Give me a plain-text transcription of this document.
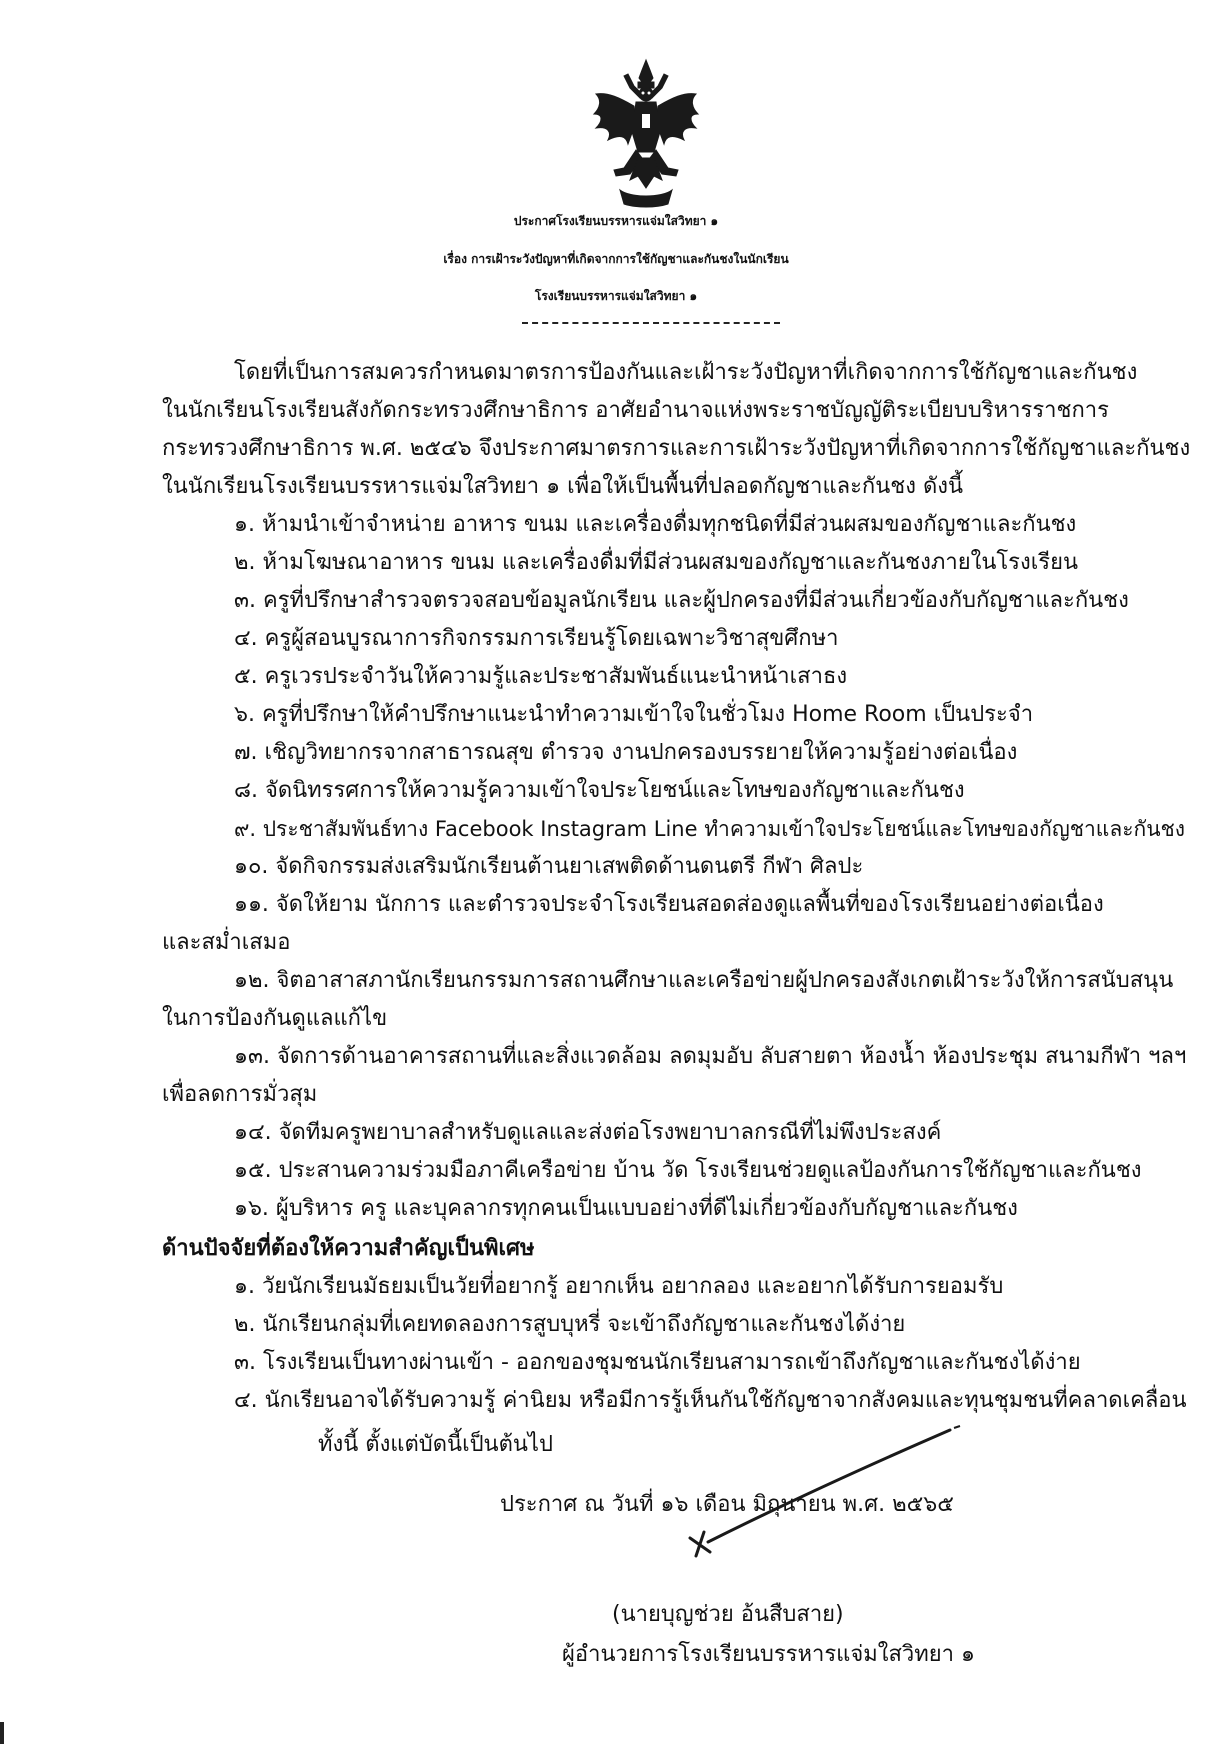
ประกาศโรงเรียนบรรหารแจ่มใสวิทยา ๑
เรื่อง การเฝ้าระวังปัญหาที่เกิดจากการใช้กัญชาและกันชงในนักเรียน
โรงเรียนบรรหารแจ่มใสวิทยา ๑
โดยที่เป็นการสมควรกำหนดมาตรการป้องกันและเฝ้าระวังปัญหาที่เกิดจากการใช้กัญชาและกันชง
ในนักเรียนโรงเรียนสังกัดกระทรวงศึกษาธิการ อาศัยอำนาจแห่งพระราชบัญญัติระเบียบบริหารราชการ
กระทรวงศึกษาธิการ พ.ศ. ๒๕๔๖ จึงประกาศมาตรการและการเฝ้าระวังปัญหาที่เกิดจากการใช้กัญชาและกันชง
ในนักเรียนโรงเรียนบรรหารแจ่มใสวิทยา ๑ เพื่อให้เป็นพื้นที่ปลอดกัญชาและกันชง ดังนี้
๑. ห้ามนำเข้าจำหน่าย อาหาร ขนม และเครื่องดื่มทุกชนิดที่มีส่วนผสมของกัญชาและกันชง
๒. ห้ามโฆษณาอาหาร ขนม และเครื่องดื่มที่มีส่วนผสมของกัญชาและกันชงภายในโรงเรียน
๓. ครูที่ปรึกษาสำรวจตรวจสอบข้อมูลนักเรียน และผู้ปกครองที่มีส่วนเกี่ยวข้องกับกัญชาและกันชง
๔. ครูผู้สอนบูรณาการกิจกรรมการเรียนรู้โดยเฉพาะวิชาสุขศึกษา
๕. ครูเวรประจำวันให้ความรู้และประชาสัมพันธ์แนะนำหน้าเสาธง
๖. ครูที่ปรึกษาให้คำปรึกษาแนะนำทำความเข้าใจในชั่วโมง Home Room เป็นประจำ
๗. เชิญวิทยากรจากสาธารณสุข ตำรวจ งานปกครองบรรยายให้ความรู้อย่างต่อเนื่อง
๘. จัดนิทรรศการให้ความรู้ความเข้าใจประโยชน์และโทษของกัญชาและกันชง
๙. ประชาสัมพันธ์ทาง Facebook Instagram Line ทำความเข้าใจประโยชน์และโทษของกัญชาและกันชง
๑๐. จัดกิจกรรมส่งเสริมนักเรียนต้านยาเสพติดด้านดนตรี กีฬา ศิลปะ
๑๑. จัดให้ยาม นักการ และตำรวจประจำโรงเรียนสอดส่องดูแลพื้นที่ของโรงเรียนอย่างต่อเนื่อง
และสม่ำเสมอ
๑๒. จิตอาสาสภานักเรียนกรรมการสถานศึกษาและเครือข่ายผู้ปกครองสังเกตเฝ้าระวังให้การสนับสนุน
ในการป้องกันดูแลแก้ไข
๑๓. จัดการด้านอาคารสถานที่และสิ่งแวดล้อม ลดมุมอับ ลับสายตา ห้องน้ำ ห้องประชุม สนามกีฬา ฯลฯ
เพื่อลดการมั่วสุม
๑๔. จัดทีมครูพยาบาลสำหรับดูแลและส่งต่อโรงพยาบาลกรณีที่ไม่พึงประสงค์
๑๕. ประสานความร่วมมือภาคีเครือข่าย บ้าน วัด โรงเรียนช่วยดูแลป้องกันการใช้กัญชาและกันชง
๑๖. ผู้บริหาร ครู และบุคลากรทุกคนเป็นแบบอย่างที่ดีไม่เกี่ยวข้องกับกัญชาและกันชง
ด้านปัจจัยที่ต้องให้ความสำคัญเป็นพิเศษ
๑. วัยนักเรียนมัธยมเป็นวัยที่อยากรู้ อยากเห็น อยากลอง และอยากได้รับการยอมรับ
๒. นักเรียนกลุ่มที่เคยทดลองการสูบบุหรี่ จะเข้าถึงกัญชาและกันชงได้ง่าย
๓. โรงเรียนเป็นทางผ่านเข้า - ออกของชุมชนนักเรียนสามารถเข้าถึงกัญชาและกันชงได้ง่าย
๔. นักเรียนอาจได้รับความรู้ ค่านิยม หรือมีการรู้เห็นกันใช้กัญชาจากสังคมและทุนชุมชนที่คลาดเคลื่อน
ทั้งนี้ ตั้งแต่บัดนี้เป็นต้นไป
ประกาศ ณ วันที่ ๑๖ เดือน มิถุนายน พ.ศ. ๒๕๖๕
(นายบุญช่วย อ้นสืบสาย)
ผู้อำนวยการโรงเรียนบรรหารแจ่มใสวิทยา ๑
